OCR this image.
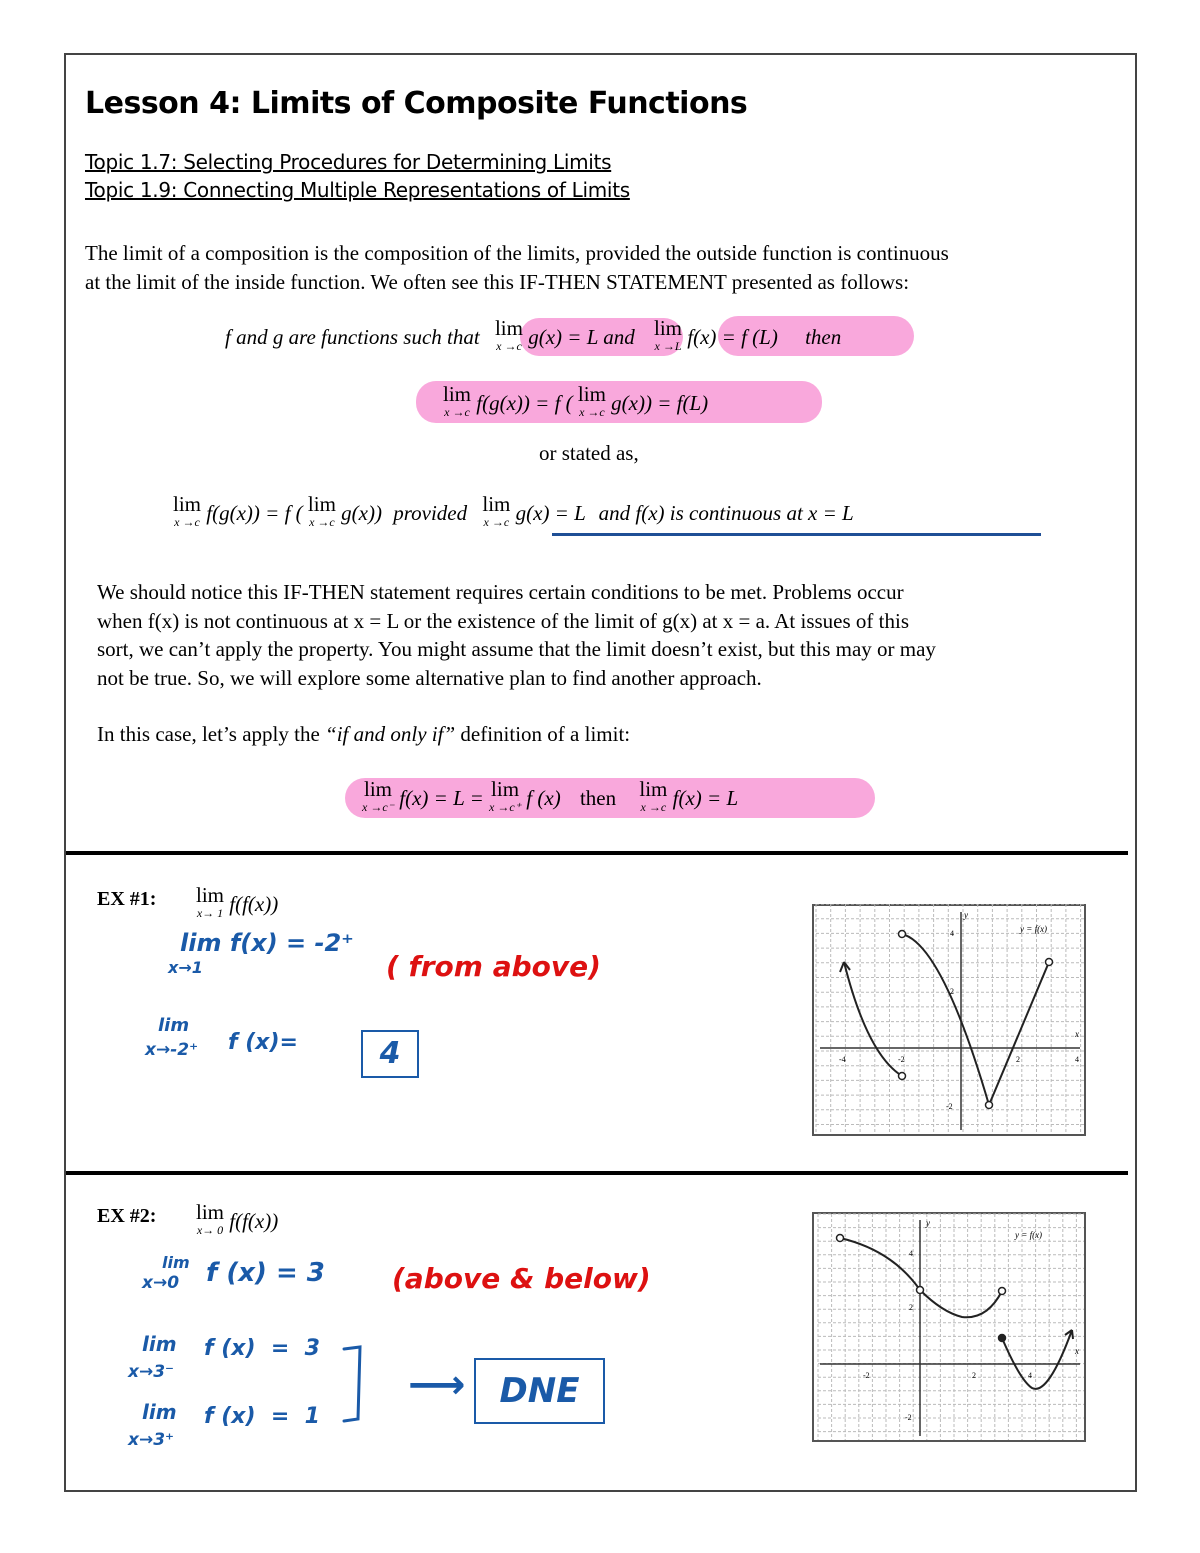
Lesson 4: Limits of Composite Functions
Topic 1.7: Selecting Procedures for Determining Limits
Topic 1.9: Connecting Multiple Representations of Limits
The limit of a composition is the composition of the limits, provided the outside function is continuous
at the limit of the inside function. We often see this IF-THEN STATEMENT presented as follows:
f and g are functions such that lim
x →c g(x) = L and lim
x →L f(x) = f (L) then
lim
x →c f(g(x)) = f ( lim
x →c g(x)) = f(L)
or stated as,
lim
x →c f(g(x)) = f ( lim
x →c g(x)) provided lim
x →c g(x) = L and f(x) is continuous at x = L
We should notice this IF-THEN statement requires certain conditions to be met. Problems occur
when f(x) is not continuous at x = L or the existence of the limit of g(x) at x = a. At issues of this
sort, we can’t apply the property. You might assume that the limit doesn’t exist, but this may or may
not be true. So, we will explore some alternative plan to find another approach.
In this case, let’s apply the “if and only if” definition of a limit:
lim
x →c⁻ f(x) = L = lim
x →c⁺ f (x) then lim
x →c f(x) = L
EX #1: lim
x→ 1 f(f(x))
lim f(x) = -2⁺
x→1	( from above)
lim
x→-2⁺ f (x)=	4
y
x
y = f(x)
-4	-2	2	4
4
2
-2
EX #2: lim
x→ 0 f(f(x))
lim
x→0 f (x) = 3 (above & below)
lim
x→3⁻
f (x)  =  3
lim
x→3⁺
f (x)  =  1
⟶	DNE
y
x
y = f(x)
-2	2	4
4
2
-2
